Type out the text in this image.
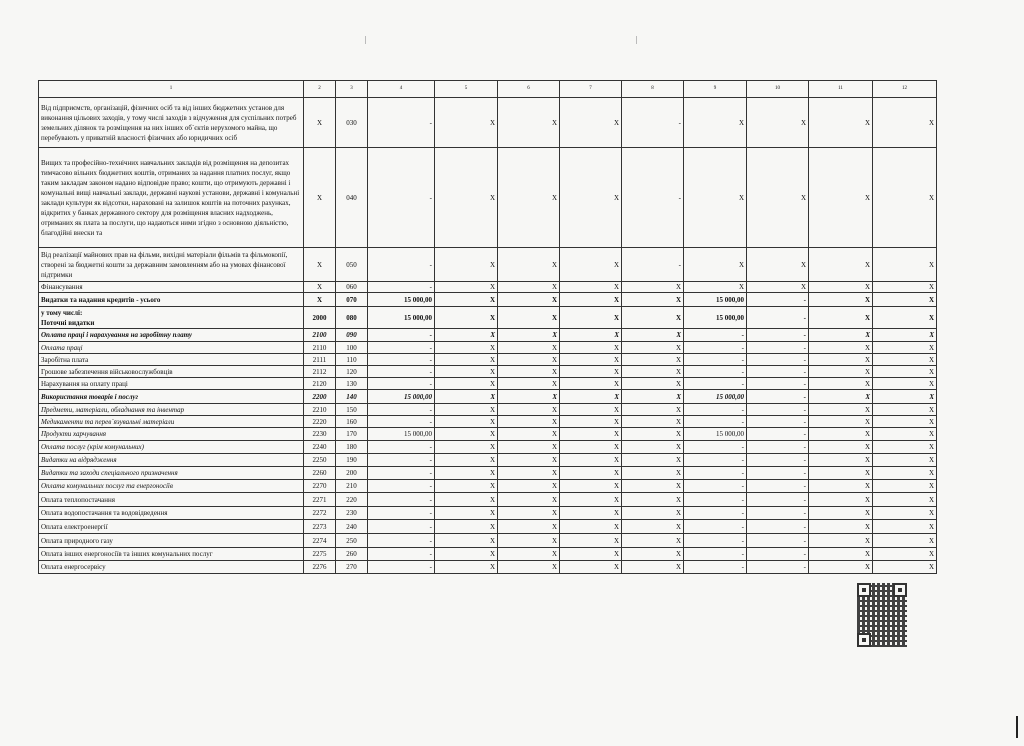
1	2	3	4	5	6	7	8	9	10	11	12
Від підприємств, організацій, фізичних осіб та від інших бюджетних установ для виконання цільових заходів, у тому числі заходів з відчуження для суспільних потреб земельних ділянок та розміщення на них інших об`єктів нерухомого майна, що перебувають у приватній власності фізичних або юридичних осіб	X	030	-	X	X	X	-	X	X	X	X
Вищих та професійно-технічних навчальних закладів від розміщення на депозитах тимчасово вільних бюджетних коштів, отриманих за надання платних послуг, якщо таким закладам законом надано відповідне право; кошти, що отримують державні і комунальні вищі навчальні заклади, державні наукові установи, державні і комунальні заклади культури як відсотки, нараховані на залишок коштів на поточних рахунках, відкритих у банках державного сектору для розміщення власних надходжень, отриманих як плата за послуги, що надаються ними згідно з основною діяльністю, благодійні внески та	X	040	-	X	X	X	-	X	X	X	X
Від реалізації майнових прав на фільми, вихідні матеріали фільмів та фільмокопії, створені за бюджетні кошти за державним замовленням або на умовах фінансової підтримки	X	050	-	X	X	X	-	X	X	X	X
Фінансування	X	060	-	X	X	X	X	X	X	X	X
Видатки та надання кредитів - усього	X	070	15 000,00	X	X	X	X	15 000,00	-	X	X

у тому числі:
Поточні видатки	2000	080	15 000,00	X	X	X	X	15 000,00	-	X	X
Оплата праці і нарахування на заробітну плату	2100	090	-	X	X	X	X	-	-	X	X
Оплата праці	2110	100	-	X	X	X	X	-	-	X	X
Заробітна плата	2111	110	-	X	X	X	X	-	-	X	X
Грошове забезпечення військовослужбовців	2112	120	-	X	X	X	X	-	-	X	X
Нарахування на оплату праці	2120	130	-	X	X	X	X	-	-	X	X
Використання товарів і послуг	2200	140	15 000,00	X	X	X	X	15 000,00	-	X	X
Предмети, матеріали, обладнання та інвентар	2210	150	-	X	X	X	X	-	-	X	X
Медикаменти та перев`язувальні матеріали	2220	160	-	X	X	X	X	-	-	X	X
Продукти харчування	2230	170	15 000,00	X	X	X	X	15 000,00	-	X	X
Оплата послуг (крім комунальних)	2240	180	-	X	X	X	X	-	-	X	X
Видатки на відрядження	2250	190	-	X	X	X	X	-	-	X	X
Видатки та заходи спеціального призначення	2260	200	-	X	X	X	X	-	-	X	X
Оплата комунальних послуг та енергоносіїв	2270	210	-	X	X	X	X	-	-	X	X
Оплата теплопостачання	2271	220	-	X	X	X	X	-	-	X	X
Оплата водопостачання та водовідведення	2272	230	-	X	X	X	X	-	-	X	X
Оплата електроенергії	2273	240	-	X	X	X	X	-	-	X	X
Оплата природного газу	2274	250	-	X	X	X	X	-	-	X	X
Оплата інших енергоносіїв та інших комунальних послуг	2275	260	-	X	X	X	X	-	-	X	X
Оплата енергосервісу	2276	270	-	X	X	X	X	-	-	X	X
